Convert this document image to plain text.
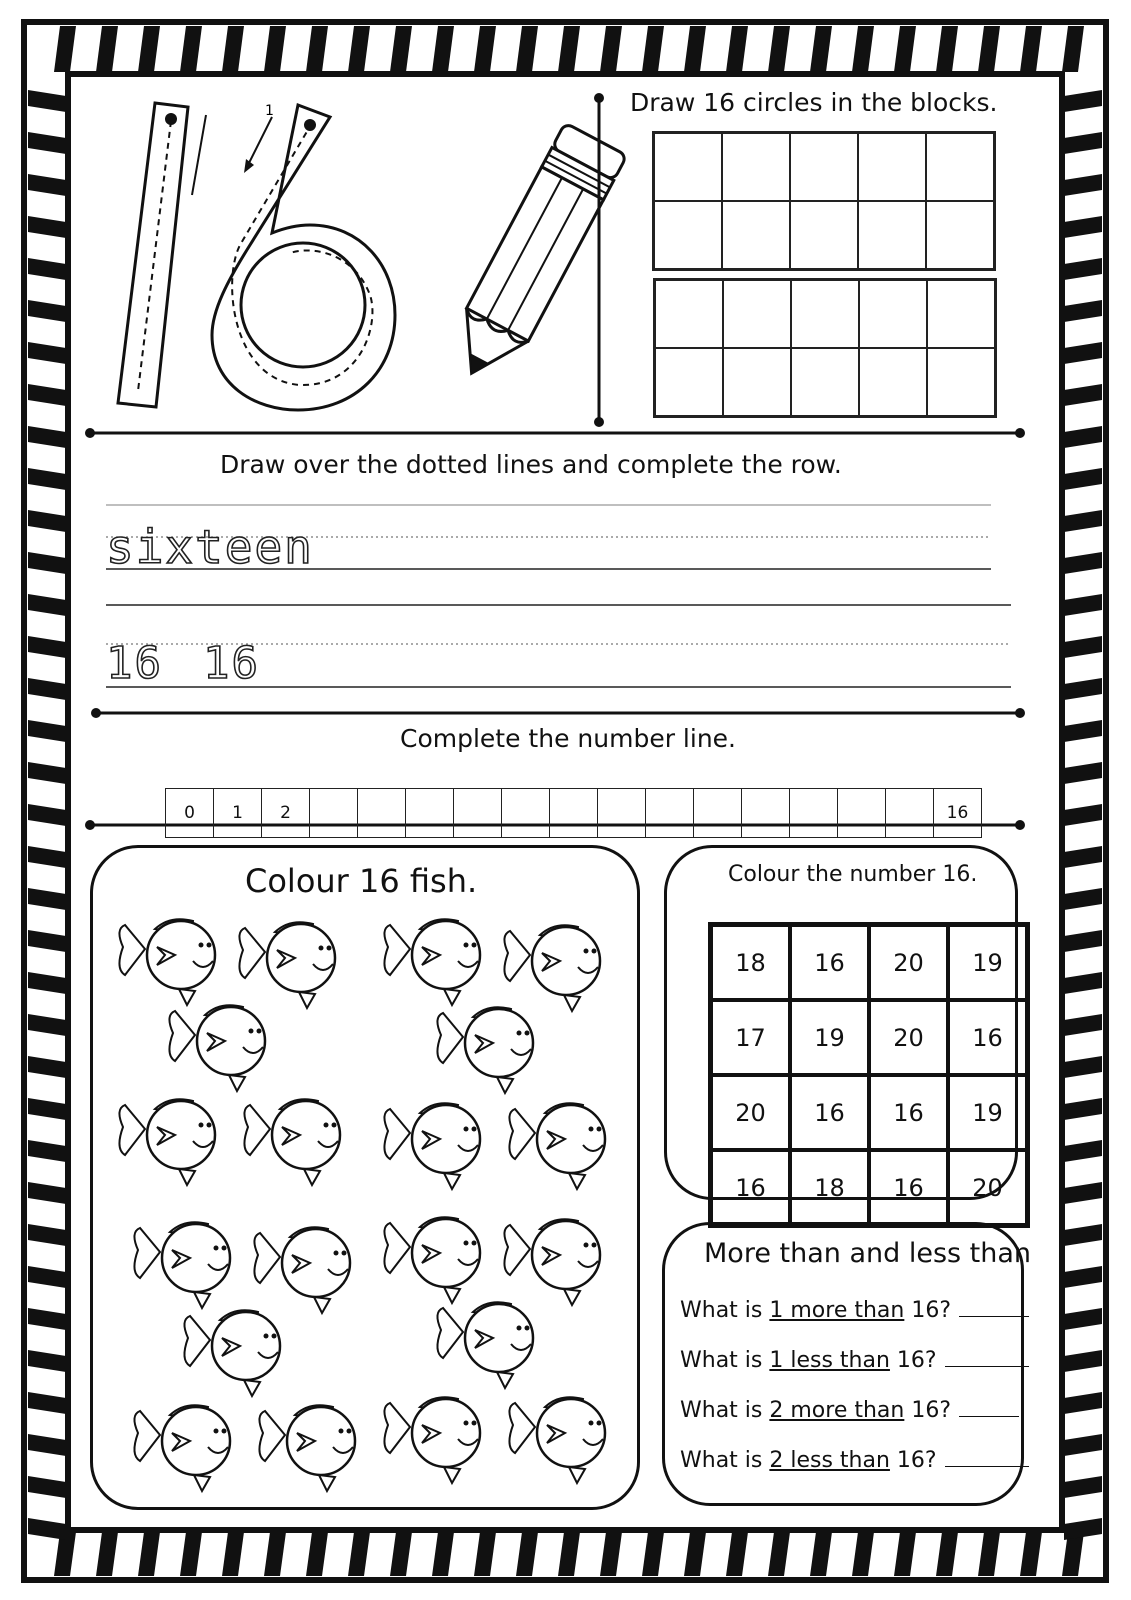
1	Draw 16 circles in the blocks.
Draw over the dotted lines and complete the row.
sixteen
16 16
Complete the number line.
0	1	2	16
Colour 16 fish.	Colour the number 16.
18	16	20	19
17	19	20	16
20	16	16	19
16	18	16	20
More than and less than
What is 1 more than 16?
What is 1 less than 16?
What is 2 more than 16?
What is 2 less than 16?
